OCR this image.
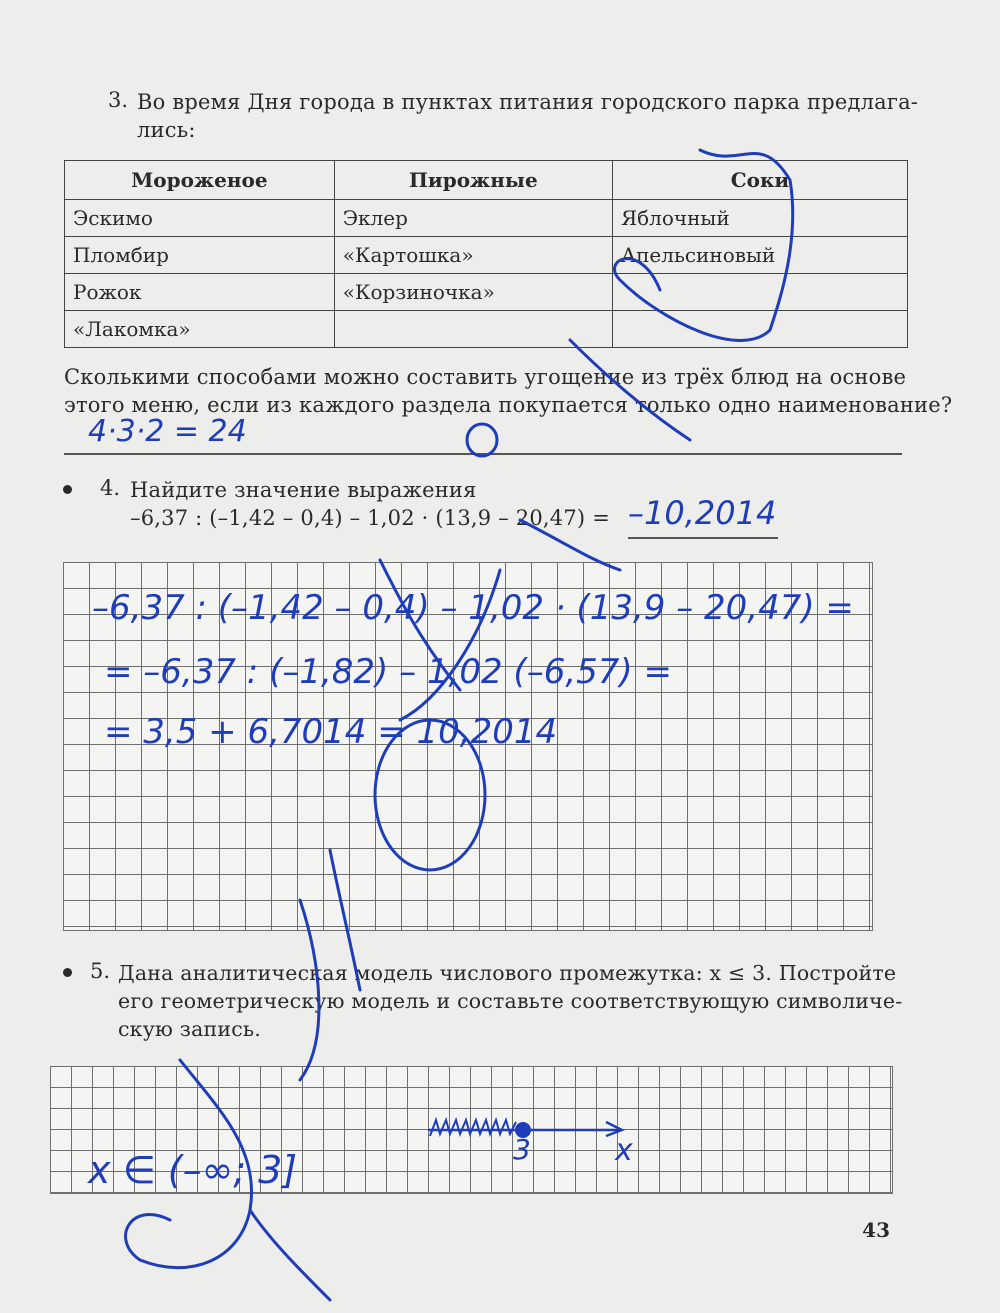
3. Во время Дня города в пунктах питания городского парка предлага-
лись:
Мороженое	Пирожные	Соки
Эскимо	Эклер	Яблочный
Пломбир	«Картошка»	Апельсиновый
Рожок	«Корзиночка»	
«Лакомка»		
Сколькими способами можно составить угощение из трёх блюд на основе
этого меню, если из каждого раздела покупается только одно наименование?
4·3·2 = 24
4. Найдите значение выражения
–6,37 : (–1,42 – 0,4) – 1,02 · (13,9 – 20,47) = –10,2014
–6,37 : (–1,42 – 0,4) – 1,02 · (13,9 – 20,47) =
= –6,37 : (–1,82) – 1,02 (–6,57) =
= 3,5 + 6,7014 = 10,2014
5. Дана аналитическая модель числового промежутка: x ≤ 3. Постройте
его геометрическую модель и составьте соответствующую символиче-
скую запись.
3	x
x ∈ (–∞; 3]
43
